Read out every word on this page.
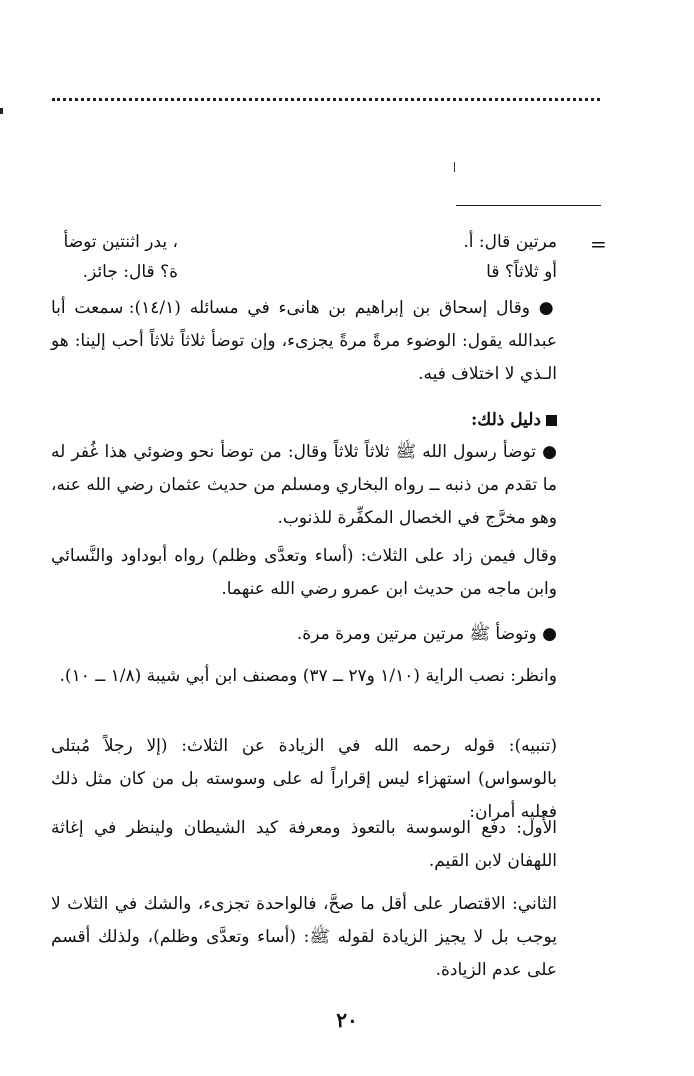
=
مرتين قال: أ.
أو ثلاثاً؟ قا
، يدر اثنتين توضأ
ة؟ قال: جائز.

● وقال إسحاق بن إبراهيم بن هانىء في مسائله (١٤/١): سمعت أبا عبدالله يقول: الوضوء مرةً مرةً يجزىء، وإن توضأ ثلاثاً ثلاثاً أحب إلينا: هو الـذي لا اختلاف فيه.

دليل ذلك:

● توضأ رسول الله ﷺ ثلاثاً ثلاثاً وقال: من توضأ نحو وضوئي هذا غُفر له ما تقدم من ذنبه ــ رواه البخاري ومسلم من حديث عثمان رضي الله عنه، وهو مخرَّج في الخصال المكفِّرة للذنوب.

وقال فيمن زاد على الثلاث: (أساء وتعدَّى وظلم) رواه أبوداود والنَّسائي وابن ماجه من حديث ابن عمرو رضي الله عنهما.

● وتوضأ ﷺ مرتين مرتين ومرة مرة.

وانظر: نصب الراية (١/١٠ و٢٧ ــ ٣٧) ومصنف ابن أبي شيبة (١/٨ ــ ١٠).

(تنبيه): قوله رحمه الله في الزيادة عن الثلاث: (إلا رجلاً مُبتلى بالوسواس) استهزاء ليس إقراراً له على وسوسته بل من كان مثل ذلك فعليه أمران:

الأول: دفع الوسوسة بالتعوذ ومعرفة كيد الشيطان ولينظر في إغاثة اللهفان لابن القيم.

الثاني: الاقتصار على أقل ما صحَّ، فالواحدة تجزىء، والشك في الثلاث لا يوجب بل لا يجيز الزيادة لقوله ﷺ: (أساء وتعدَّى وظلم)، ولذلك أقسم على عدم الزيادة.

٢٠
